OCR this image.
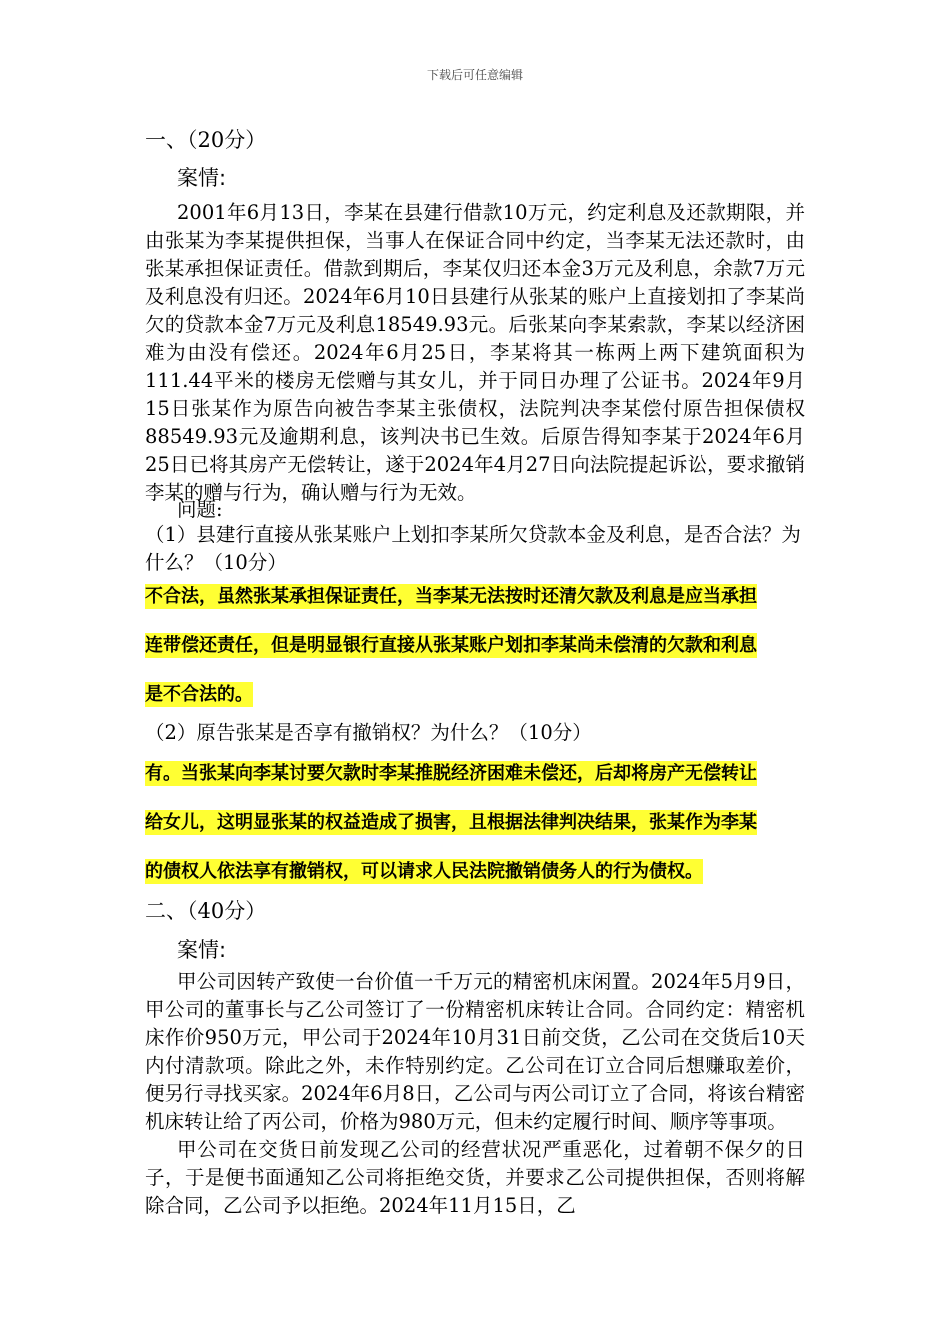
下载后可任意编辑
一、（20分）
案情:

2001年6月13日，李某在县建行借款10万元，约定利息及还款期限，并由张某为李某提供担保，当事人在保证合同中约定，当李某无法还款时，由张某承担保证责任。借款到期后，李某仅归还本金3万元及利息，余款7万元及利息没有归还。2024年6月10日县建行从张某的账户上直接划扣了李某尚欠的贷款本金7万元及利息18549.93元。后张某向李某索款，李某以经济困难为由没有偿还。2024年6月25日，李某将其一栋两上两下建筑面积为111.44平米的楼房无偿赠与其女儿，并于同日办理了公证书。2024年9月15日张某作为原告向被告李某主张债权，法院判决李某偿付原告担保债权88549.93元及逾期利息，该判决书已生效。后原告得知李某于2024年6月25日已将其房产无偿转让，遂于2024年4月27日向法院提起诉讼，要求撤销李某的赠与行为，确认赠与行为无效。

问题:
（1）县建行直接从张某账户上划扣李某所欠贷款本金及利息，是否合法？为什么？（10分）
不合法，虽然张某承担保证责任，当李某无法按时还清欠款及利息是应当承担
连带偿还责任，但是明显银行直接从张某账户划扣李某尚未偿清的欠款和利息
是不合法的。
（2）原告张某是否享有撤销权？为什么？（10分）
有。当张某向李某讨要欠款时李某推脱经济困难未偿还，后却将房产无偿转让
给女儿，这明显张某的权益造成了损害，且根据法律判决结果，张某作为李某
的债权人依法享有撤销权，可以请求人民法院撤销债务人的行为债权。
二、（40分）
案情:

甲公司因转产致使一台价值一千万元的精密机床闲置。2024年5月9日，甲公司的董事长与乙公司签订了一份精密机床转让合同。合同约定：精密机床作价950万元，甲公司于2024年10月31日前交货，乙公司在交货后10天内付清款项。除此之外，未作特别约定。乙公司在订立合同后想赚取差价，便另行寻找买家。2024年6月8日，乙公司与丙公司订立了合同，将该台精密机床转让给了丙公司，价格为980万元，但未约定履行时间、顺序等事项。

甲公司在交货日前发现乙公司的经营状况严重恶化，过着朝不保夕的日子，于是便书面通知乙公司将拒绝交货，并要求乙公司提供担保，否则将解除合同，乙公司予以拒绝。2024年11月15日，乙
